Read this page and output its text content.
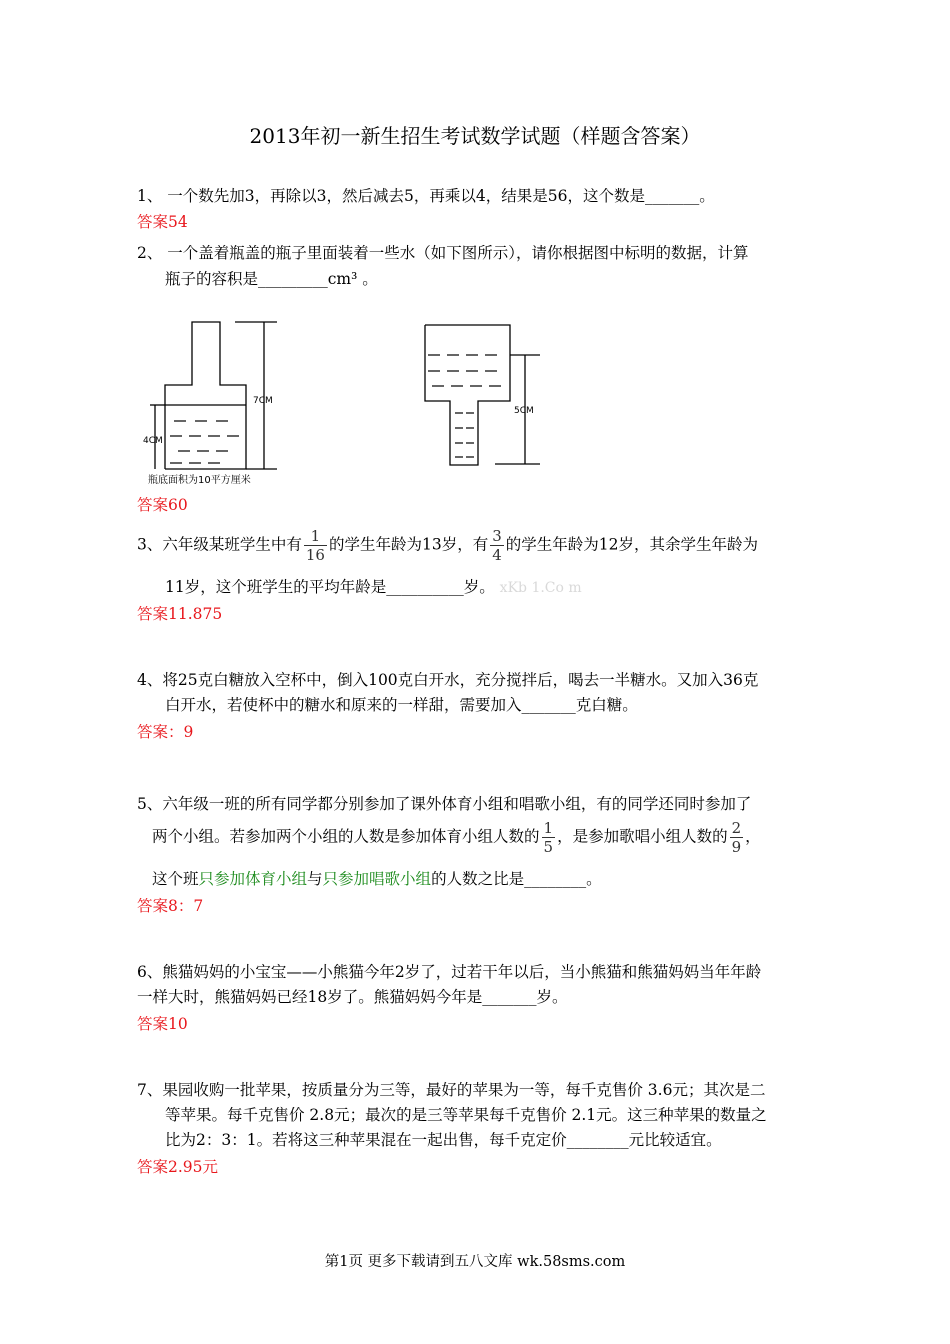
2013年初一新生招生考试数学试题（样题含答案）
1、 一个数先加3，再除以3，然后减去5，再乘以4，结果是56，这个数是_______。
答案54
2、 一个盖着瓶盖的瓶子里面装着一些水（如下图所示），请你根据图中标明的数据，计算
瓶子的容积是_________cm³ 。
7CM
4CM
瓶底面积为10平方厘米
5CM
答案60
3、六年级某班学生中有 $\frac{1}{16}$ 的学生年龄为13岁，有 $\frac{3}{4}$ 的学生年龄为12岁，其余学生年龄为
11岁，这个班学生的平均年龄是__________岁。 xKb 1.Co m
答案11.875
4、将25克白糖放入空杯中，倒入100克白开水，充分搅拌后，喝去一半糖水。又加入36克
白开水，若使杯中的糖水和原来的一样甜，需要加入_______克白糖。
答案：9
5、六年级一班的所有同学都分别参加了课外体育小组和唱歌小组，有的同学还同时参加了
两个小组。若参加两个小组的人数是参加体育小组人数的 $\frac{1}{5}$ ，是参加歌唱小组人数的 $\frac{2}{9}$ ，
这个班只参加体育小组与只参加唱歌小组的人数之比是________。
答案8：7
6、熊猫妈妈的小宝宝——小熊猫今年2岁了，过若干年以后，当小熊猫和熊猫妈妈当年年龄
一样大时，熊猫妈妈已经18岁了。熊猫妈妈今年是_______岁。
答案10
7、果园收购一批苹果，按质量分为三等，最好的苹果为一等，每千克售价 3.6元；其次是二
等苹果。每千克售价 2.8元；最次的是三等苹果每千克售价 2.1元。这三种苹果的数量之
比为2：3：1。若将这三种苹果混在一起出售，每千克定价________元比较适宜。
答案2.95元
第1页 更多下载请到五八文库 wk.58sms.com
